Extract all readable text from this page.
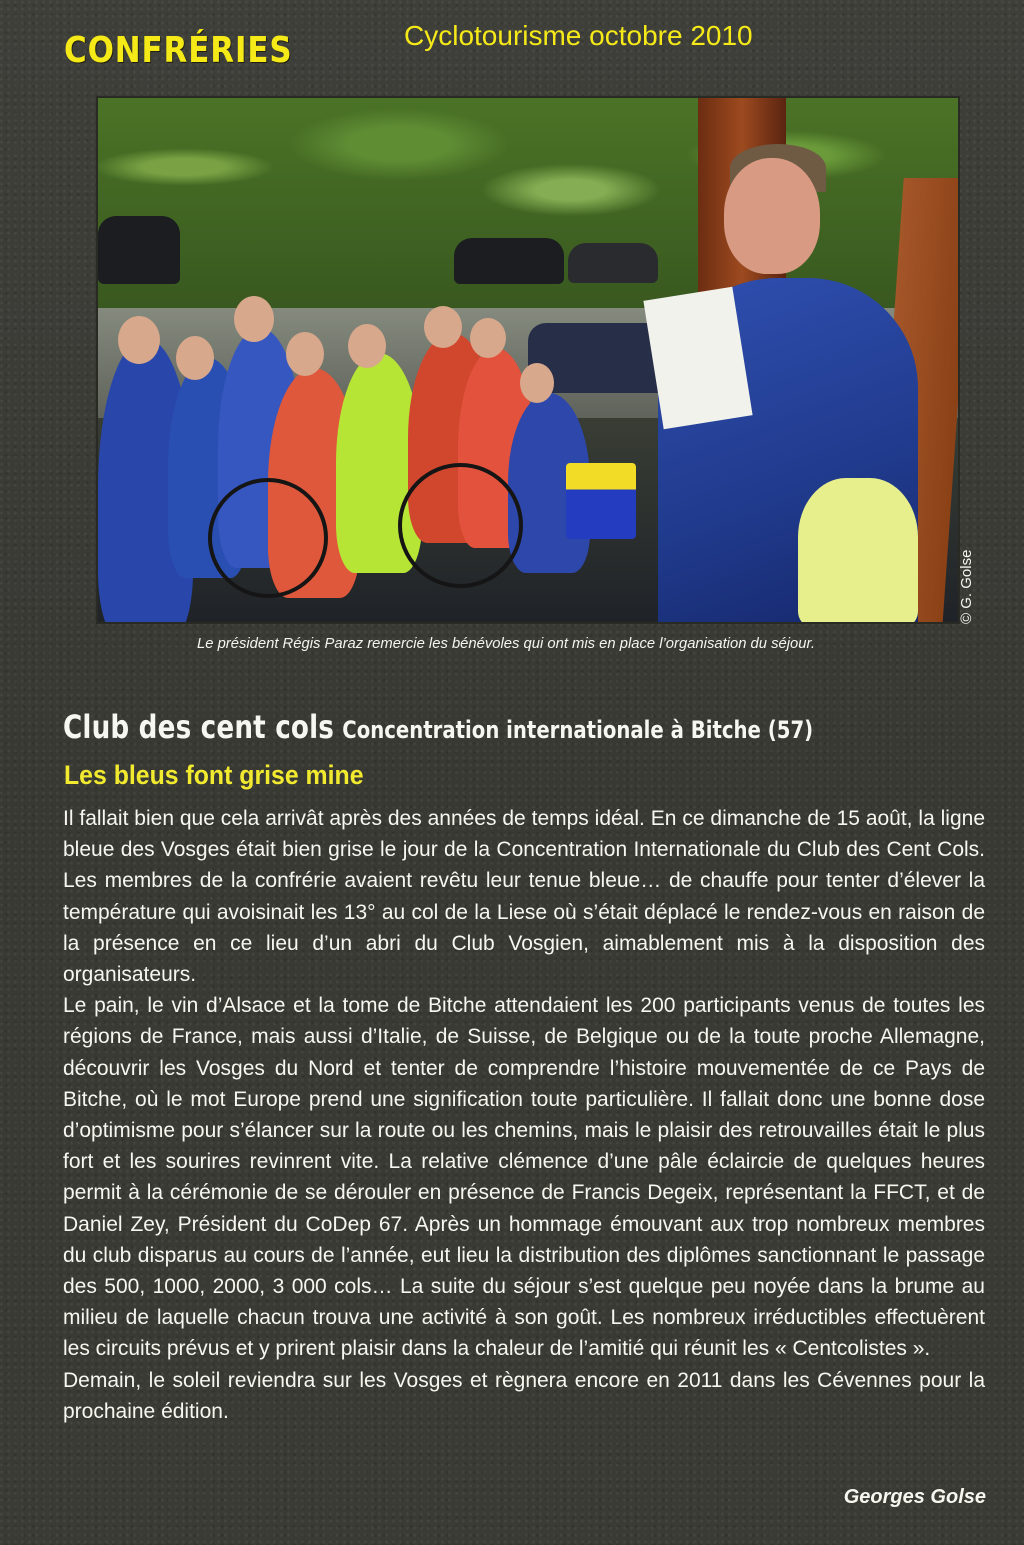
CONFRÉRIES	Cyclotourisme octobre 2010
© G. Golse
Le président Régis Paraz remercie les bénévoles qui ont mis en place l’organisation du séjour.
Club des cent cols Concentration internationale à Bitche (57)
Les bleus font grise mine

Il fallait bien que cela arrivât après des années de temps idéal. En ce dimanche de 15 août, la ligne bleue des Vosges était bien grise le jour de la Concentration Internationale du Club des Cent Cols. Les membres de la confrérie avaient revêtu leur tenue bleue… de chauffe pour tenter d’élever la température qui avoisinait les 13° au col de la Liese où s’était déplacé le rendez-vous en raison de la présence en ce lieu d’un abri du Club Vosgien, aimablement mis à la disposition des organisateurs.

Le pain, le vin d’Alsace et la tome de Bitche attendaient les 200 participants venus de toutes les régions de France, mais aussi d’Italie, de Suisse, de Belgique ou de la toute proche Allemagne, découvrir les Vosges du Nord et tenter de comprendre l’histoire mouvementée de ce Pays de Bitche, où le mot Europe prend une signification toute particulière. Il fallait donc une bonne dose d’optimisme pour s’élancer sur la route ou les chemins, mais le plaisir des retrouvailles était le plus fort et les sourires revinrent vite. La relative clémence d’une pâle éclaircie de quelques heures permit à la cérémonie de se dérouler en présence de Francis Degeix, représentant la FFCT, et de Daniel Zey, Président du CoDep 67. Après un hommage émouvant aux trop nombreux membres du club disparus au cours de l’année, eut lieu la distribution des diplômes sanctionnant le passage des 500, 1000, 2000, 3 000 cols… La suite du séjour s’est quelque peu noyée dans la brume au milieu de laquelle chacun trouva une activité à son goût. Les nombreux irréductibles effectuèrent les circuits prévus et y prirent plaisir dans la chaleur de l’amitié qui réunit les « Centcolistes ».

Demain, le soleil reviendra sur les Vosges et règnera encore en 2011 dans les Cévennes pour la prochaine édition.

Georges Golse
